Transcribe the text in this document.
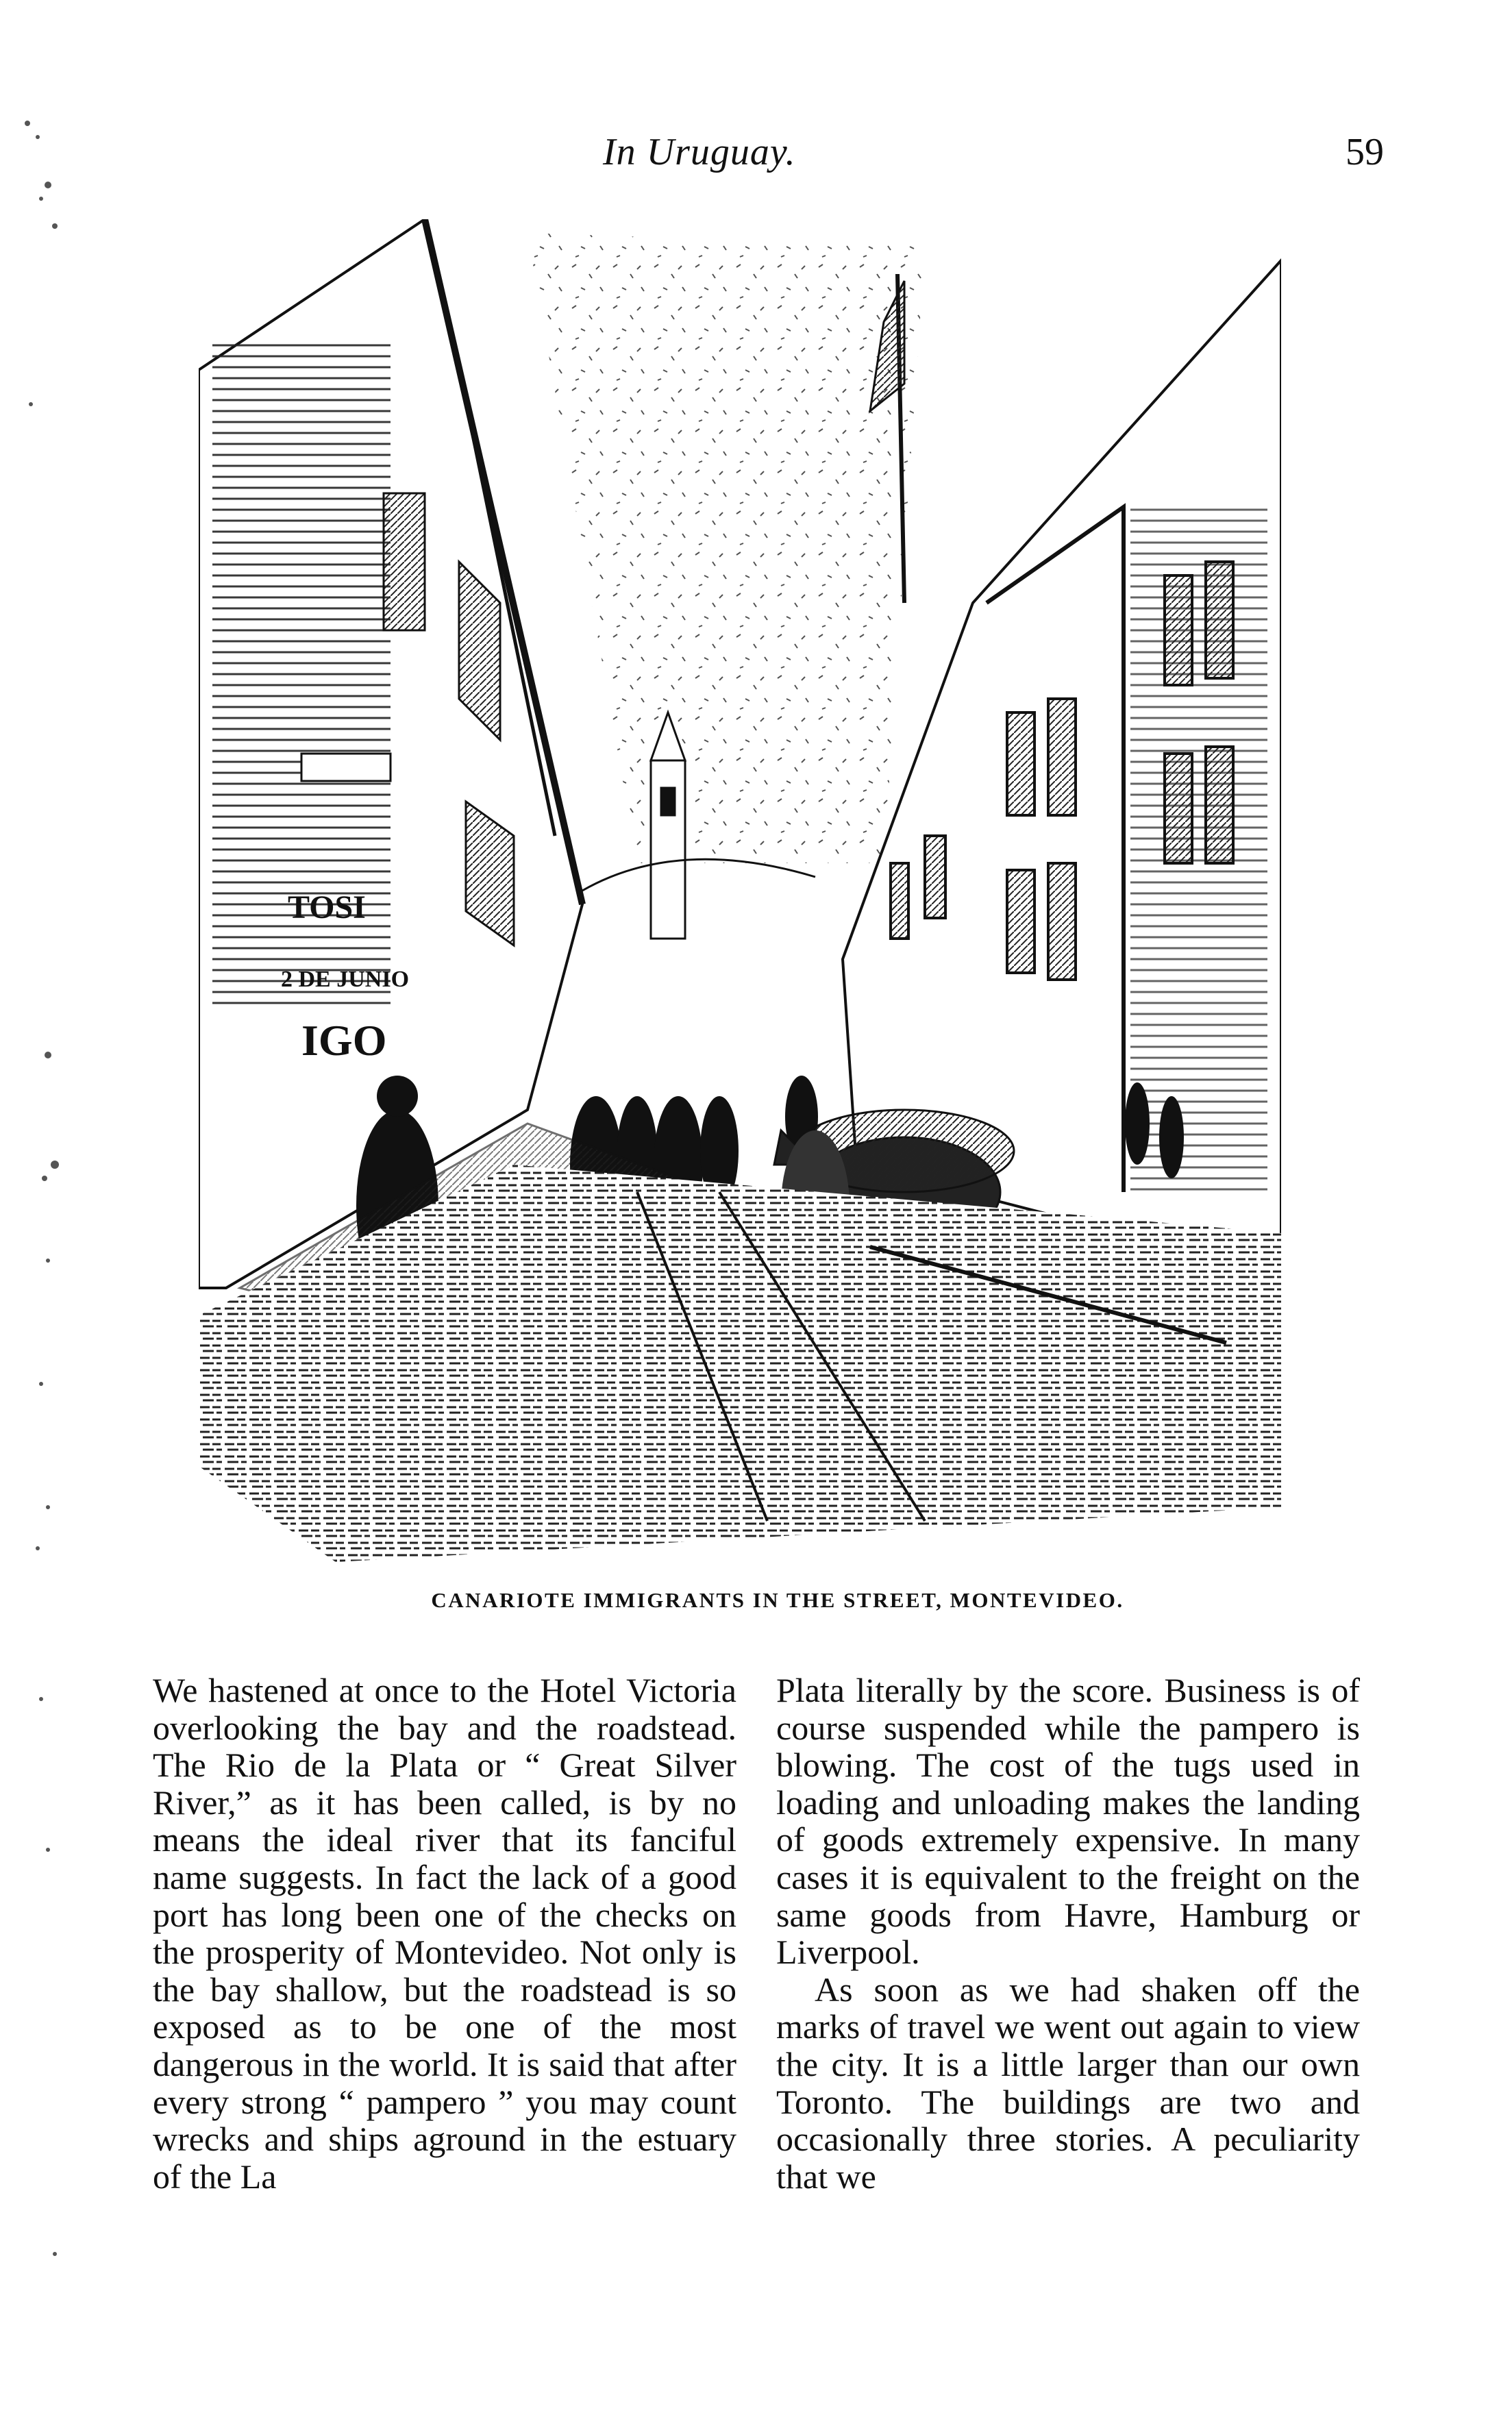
In Uruguay.	59
TOSI
2 DE JUNIO
IGO
CANARIOTE IMMIGRANTS IN THE STREET, MONTEVIDEO.

We hastened at once to the Hotel Victoria overlooking the bay and the roadstead. The Rio de la Plata or “ Great Silver River,” as it has been called, is by no means the ideal river that its fanciful name suggests. In fact the lack of a good port has long been one of the checks on the prosperity of Montevideo. Not only is the bay shallow, but the roadstead is so exposed as to be one of the most dangerous in the world. It is said that after every strong “ pampero ” you may count wrecks and ships aground in the estuary of the La

Plata literally by the score. Business is of course suspended while the pampero is blowing. The cost of the tugs used in loading and unloading makes the landing of goods extremely expensive. In many cases it is equivalent to the freight on the same goods from Havre, Hamburg or Liverpool.

As soon as we had shaken off the marks of travel we went out again to view the city. It is a little larger than our own Toronto. The buildings are two and occasionally three stories. A peculiarity that we
